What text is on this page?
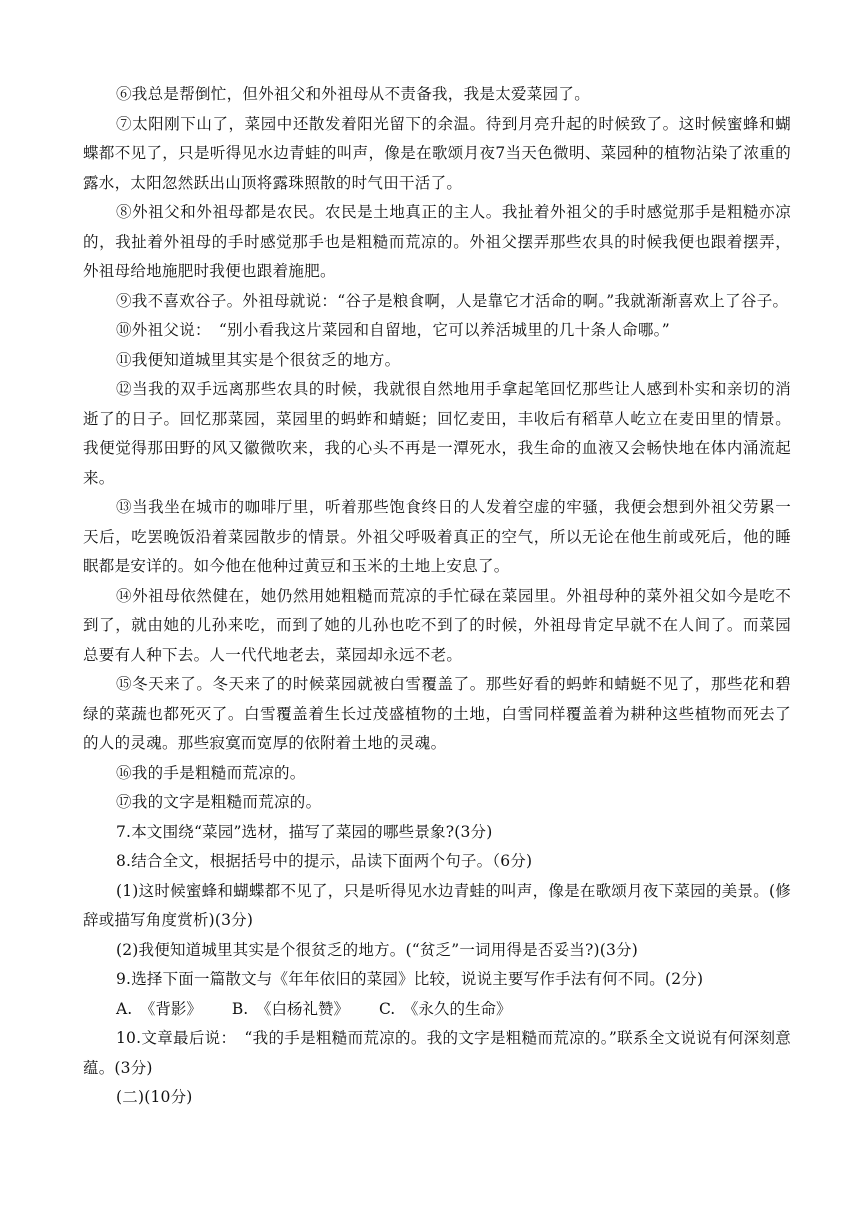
⑥我总是帮倒忙，但外祖父和外祖母从不责备我，我是太爱菜园了。

⑦太阳刚下山了，菜园中还散发着阳光留下的余温。待到月亮升起的时候致了。这时候蜜蜂和蝴蝶都不见了，只是听得见水边青蛙的叫声，像是在歌颂月夜7当天色微明、菜园种的植物沾染了浓重的露水，太阳忽然跃出山顶将露珠照散的时气田干活了。

⑧外祖父和外祖母都是农民。农民是土地真正的主人。我扯着外祖父的手时感觉那手是粗糙亦凉的，我扯着外祖母的手时感觉那手也是粗糙而荒凉的。外祖父摆弄那些农具的时候我便也跟着摆弄，外祖母给地施肥时我便也跟着施肥。

⑨我不喜欢谷子。外祖母就说：“谷子是粮食啊，人是靠它才活命的啊。”我就渐渐喜欢上了谷子。

⑩外祖父说：　“别小看我这片菜园和自留地，它可以养活城里的几十条人命哪。”

⑪我便知道城里其实是个很贫乏的地方。

⑫当我的双手远离那些农具的时候，我就很自然地用手拿起笔回忆那些让人感到朴实和亲切的消逝了的日子。回忆那菜园，菜园里的蚂蚱和蜻蜓；回忆麦田，丰收后有稻草人屹立在麦田里的情景。我便觉得那田野的风又徽微吹来，我的心头不再是一潭死水，我生命的血液又会畅快地在体内涌流起来。

⑬当我坐在城市的咖啡厅里，听着那些饱食终日的人发着空虚的牢骚，我便会想到外祖父劳累一天后，吃罢晚饭沿着菜园散步的情景。外祖父呼吸着真正的空气，所以无论在他生前或死后，他的睡眠都是安详的。如今他在他种过黄豆和玉米的土地上安息了。

⑭外祖母依然健在，她仍然用她粗糙而荒凉的手忙碌在菜园里。外祖母种的菜外祖父如今是吃不到了，就由她的儿孙来吃，而到了她的儿孙也吃不到了的时候，外祖母肯定早就不在人间了。而菜园总要有人种下去。人一代代地老去，菜园却永远不老。

⑮冬天来了。冬天来了的时候菜园就被白雪覆盖了。那些好看的蚂蚱和蜻蜓不见了，那些花和碧绿的菜蔬也都死灭了。白雪覆盖着生长过茂盛植物的土地，白雪同样覆盖着为耕种这些植物而死去了的人的灵魂。那些寂寞而宽厚的依附着土地的灵魂。

⑯我的手是粗糙而荒凉的。

⑰我的文字是粗糙而荒凉的。

7.本文围绕“菜园”选材，描写了菜园的哪些景象?(3分)

8.结合全文，根据括号中的提示，品读下面两个句子。（6分)

(1)这时候蜜蜂和蝴蝶都不见了，只是听得见水边青蛙的叫声，像是在歌颂月夜下菜园的美景。(修辞或描写角度赏析)(3分)

(2)我便知道城里其实是个很贫乏的地方。(“贫乏”一词用得是否妥当?)(3分)

9.选择下面一篇散文与《年年依旧的菜园》比较，说说主要写作手法有何不同。(2分)

A.　《背影》 B.　《白杨礼赞》 C.　《永久的生命》

10.文章最后说：　“我的手是粗糙而荒凉的。我的文字是粗糙而荒凉的。”联系全文说说有何深刻意蕴。(3分)

(二)(10分)
